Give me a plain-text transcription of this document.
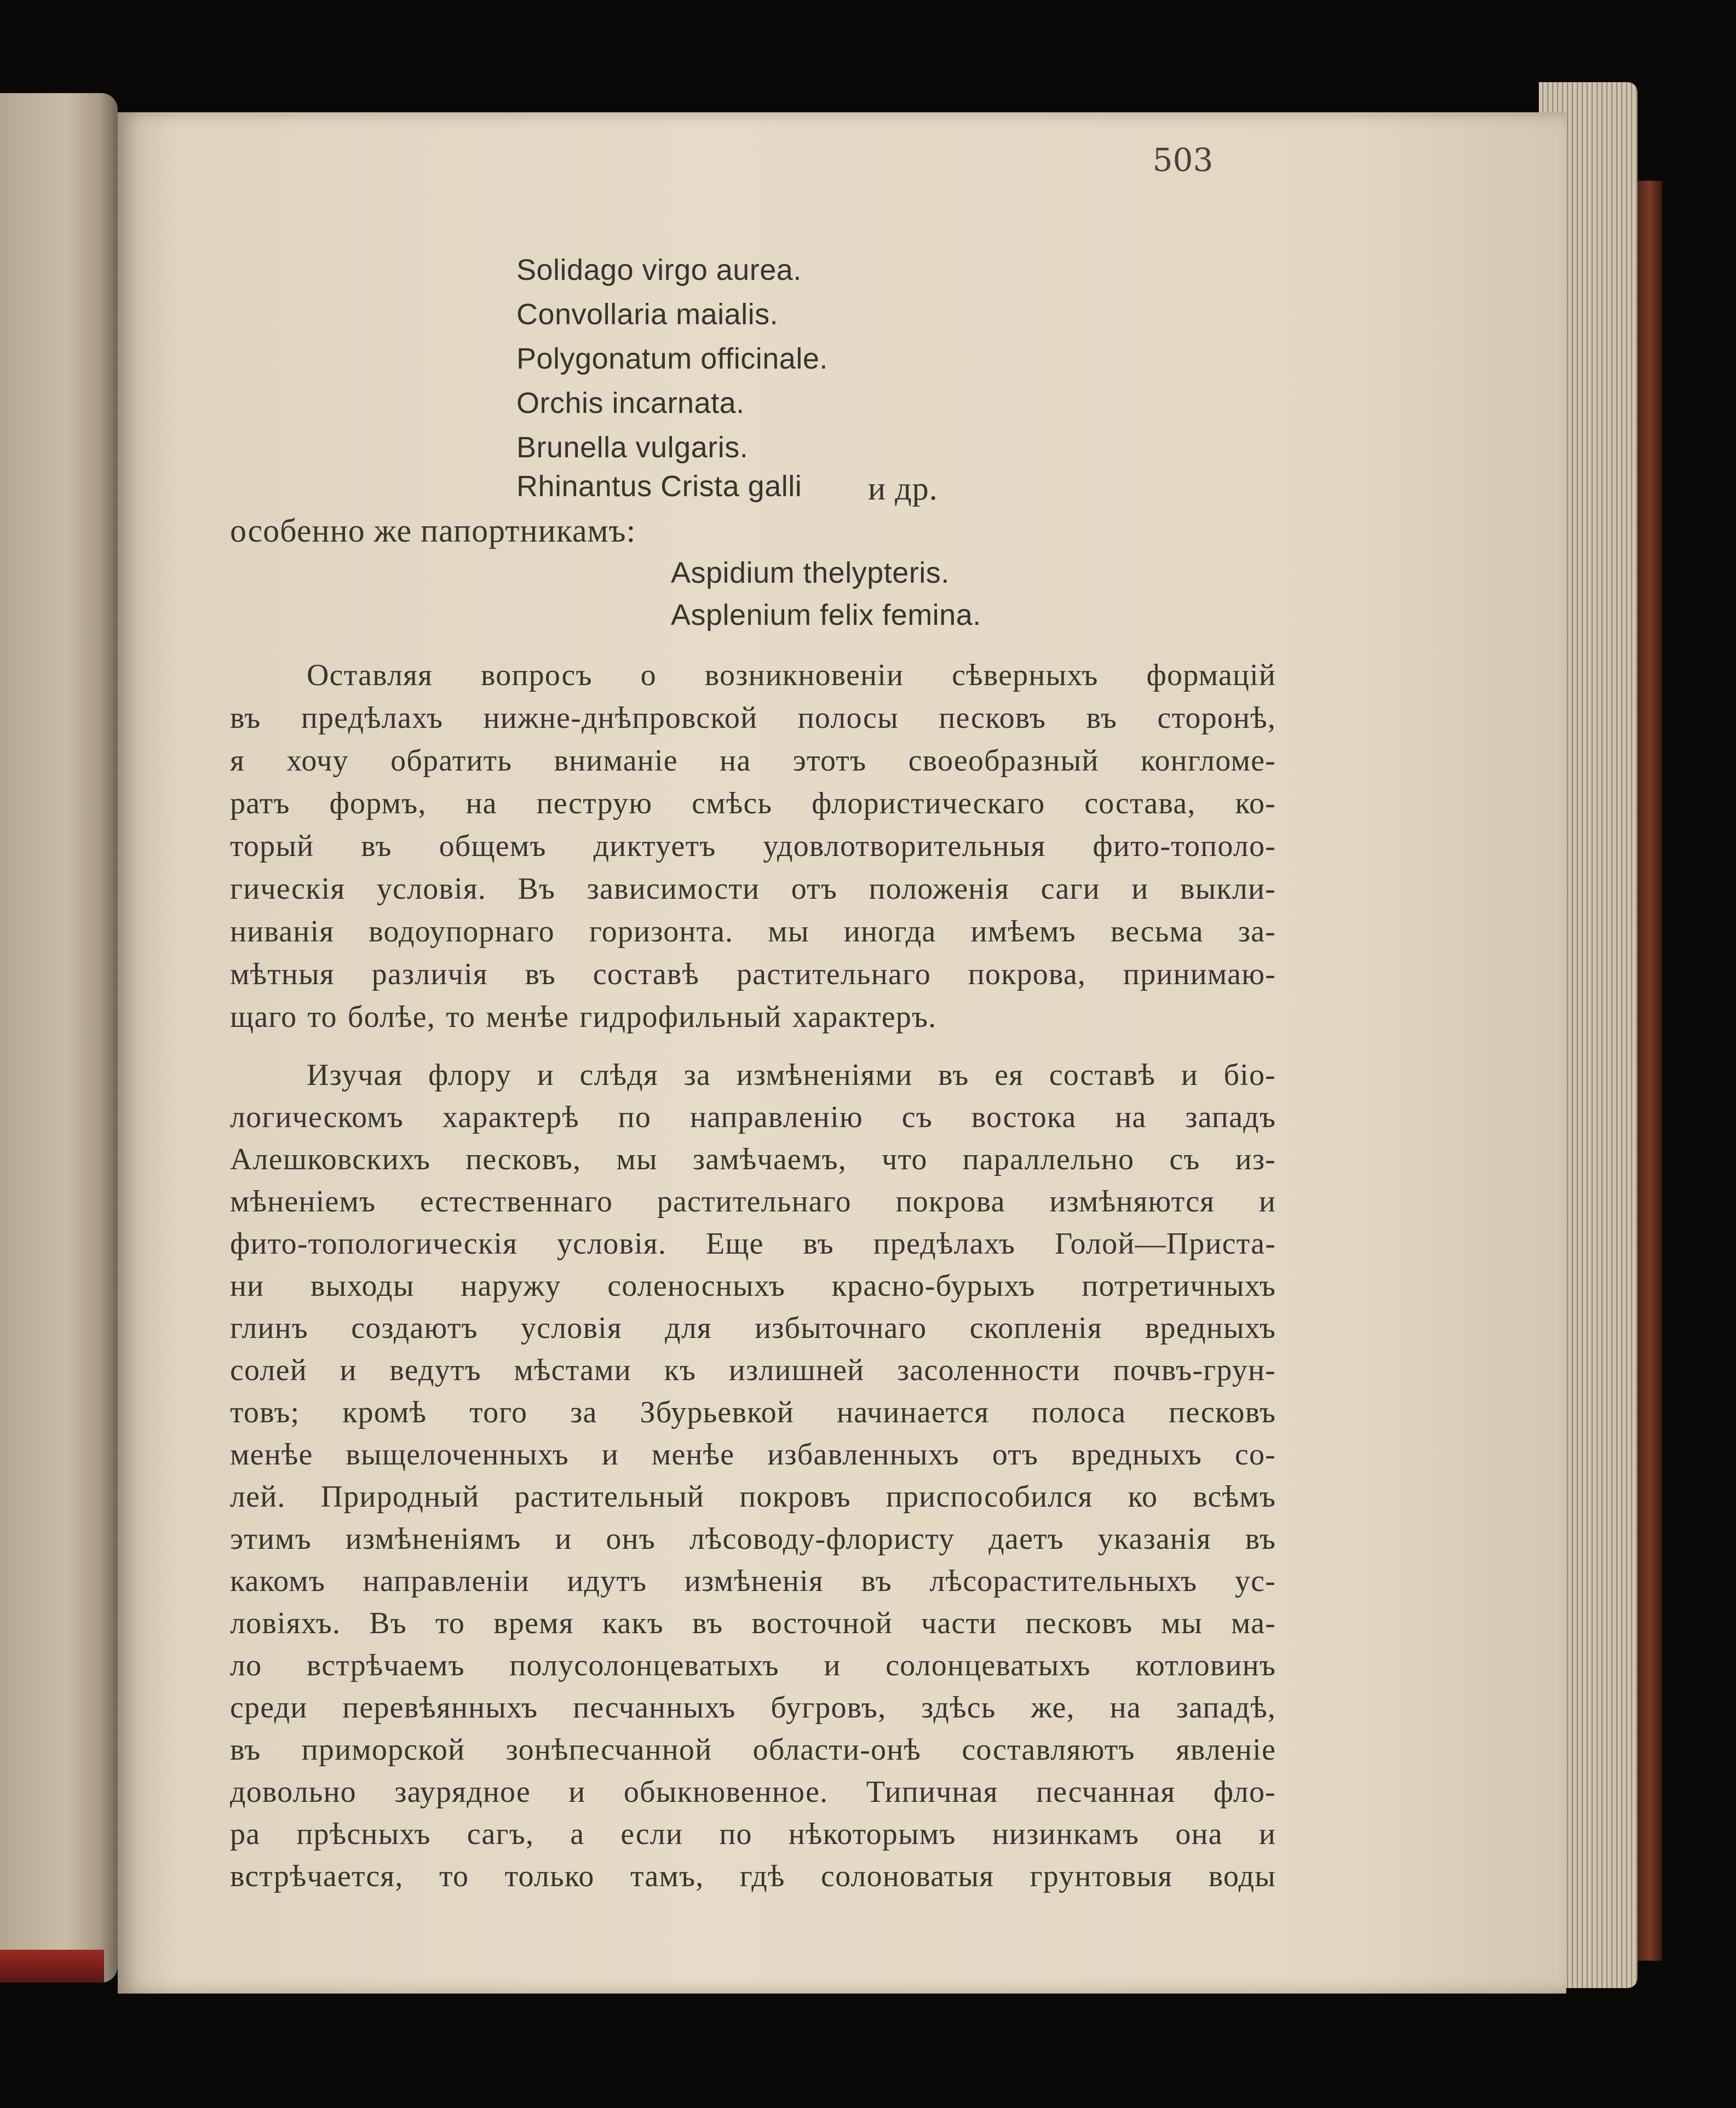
503
Solidago virgo aurea.
Convollaria maialis.
Polygonatum officinale.
Orchis incarnata.
Brunella vulgaris.
Rhinantus Crista galli и др.
особенно же папортникамъ:
Aspidium thelypteris.
Asplenium felix femina.
Оставляя вопросъ о возникновенiи сѣверныхъ формацiй
въ предѣлахъ нижне-днѣпровской полосы песковъ въ сторонѣ,
я хочу обратить вниманiе на этотъ своеобразный конгломе-
ратъ формъ, на пеструю смѣсь флористическаго состава, ко-
торый въ общемъ диктуетъ удовлотворительныя фито-тополо-
гическiя условiя. Въ зависимости отъ положенiя саги и выкли-
ниванiя водоупорнаго горизонта. мы иногда имѣемъ весьма за-
мѣтныя различiя въ составѣ растительнаго покрова, принимаю-
щаго то болѣе, то менѣе гидрофильный характеръ.
Изучая флору и слѣдя за измѣненiями въ ея составѣ и бiо-
логическомъ характерѣ по направленiю съ востока на западъ
Алешковскихъ песковъ, мы замѣчаемъ, что параллельно съ из-
мѣненiемъ естественнаго растительнаго покрова измѣняются и
фито-топологическiя условiя. Еще въ предѣлахъ Голой—Приста-
ни выходы наружу соленосныхъ красно-бурыхъ потретичныхъ
глинъ создаютъ условiя для избыточнаго скопленiя вредныхъ
солей и ведутъ мѣстами къ излишней засоленности почвъ-грун-
товъ; кромѣ того за Збурьевкой начинается полоса песковъ
менѣе выщелоченныхъ и менѣе избавленныхъ отъ вредныхъ со-
лей. Природный растительный покровъ приспособился ко всѣмъ
этимъ измѣненiямъ и онъ лѣсоводу-флористу даетъ указанiя въ
какомъ направленiи идутъ измѣненiя въ лѣсорастительныхъ ус-
ловiяхъ. Въ то время какъ въ восточной части песковъ мы ма-
ло встрѣчаемъ полусолонцеватыхъ и солонцеватыхъ котловинъ
среди перевѣянныхъ песчанныхъ бугровъ, здѣсь же, на западѣ,
въ приморской зонѣпесчанной области-онѣ составляютъ явленiе
довольно заурядное и обыкновенное. Типичная песчанная фло-
ра прѣсныхъ сагъ, а если по нѣкоторымъ низинкамъ она и
встрѣчается, то только тамъ, гдѣ солоноватыя грунтовыя воды
